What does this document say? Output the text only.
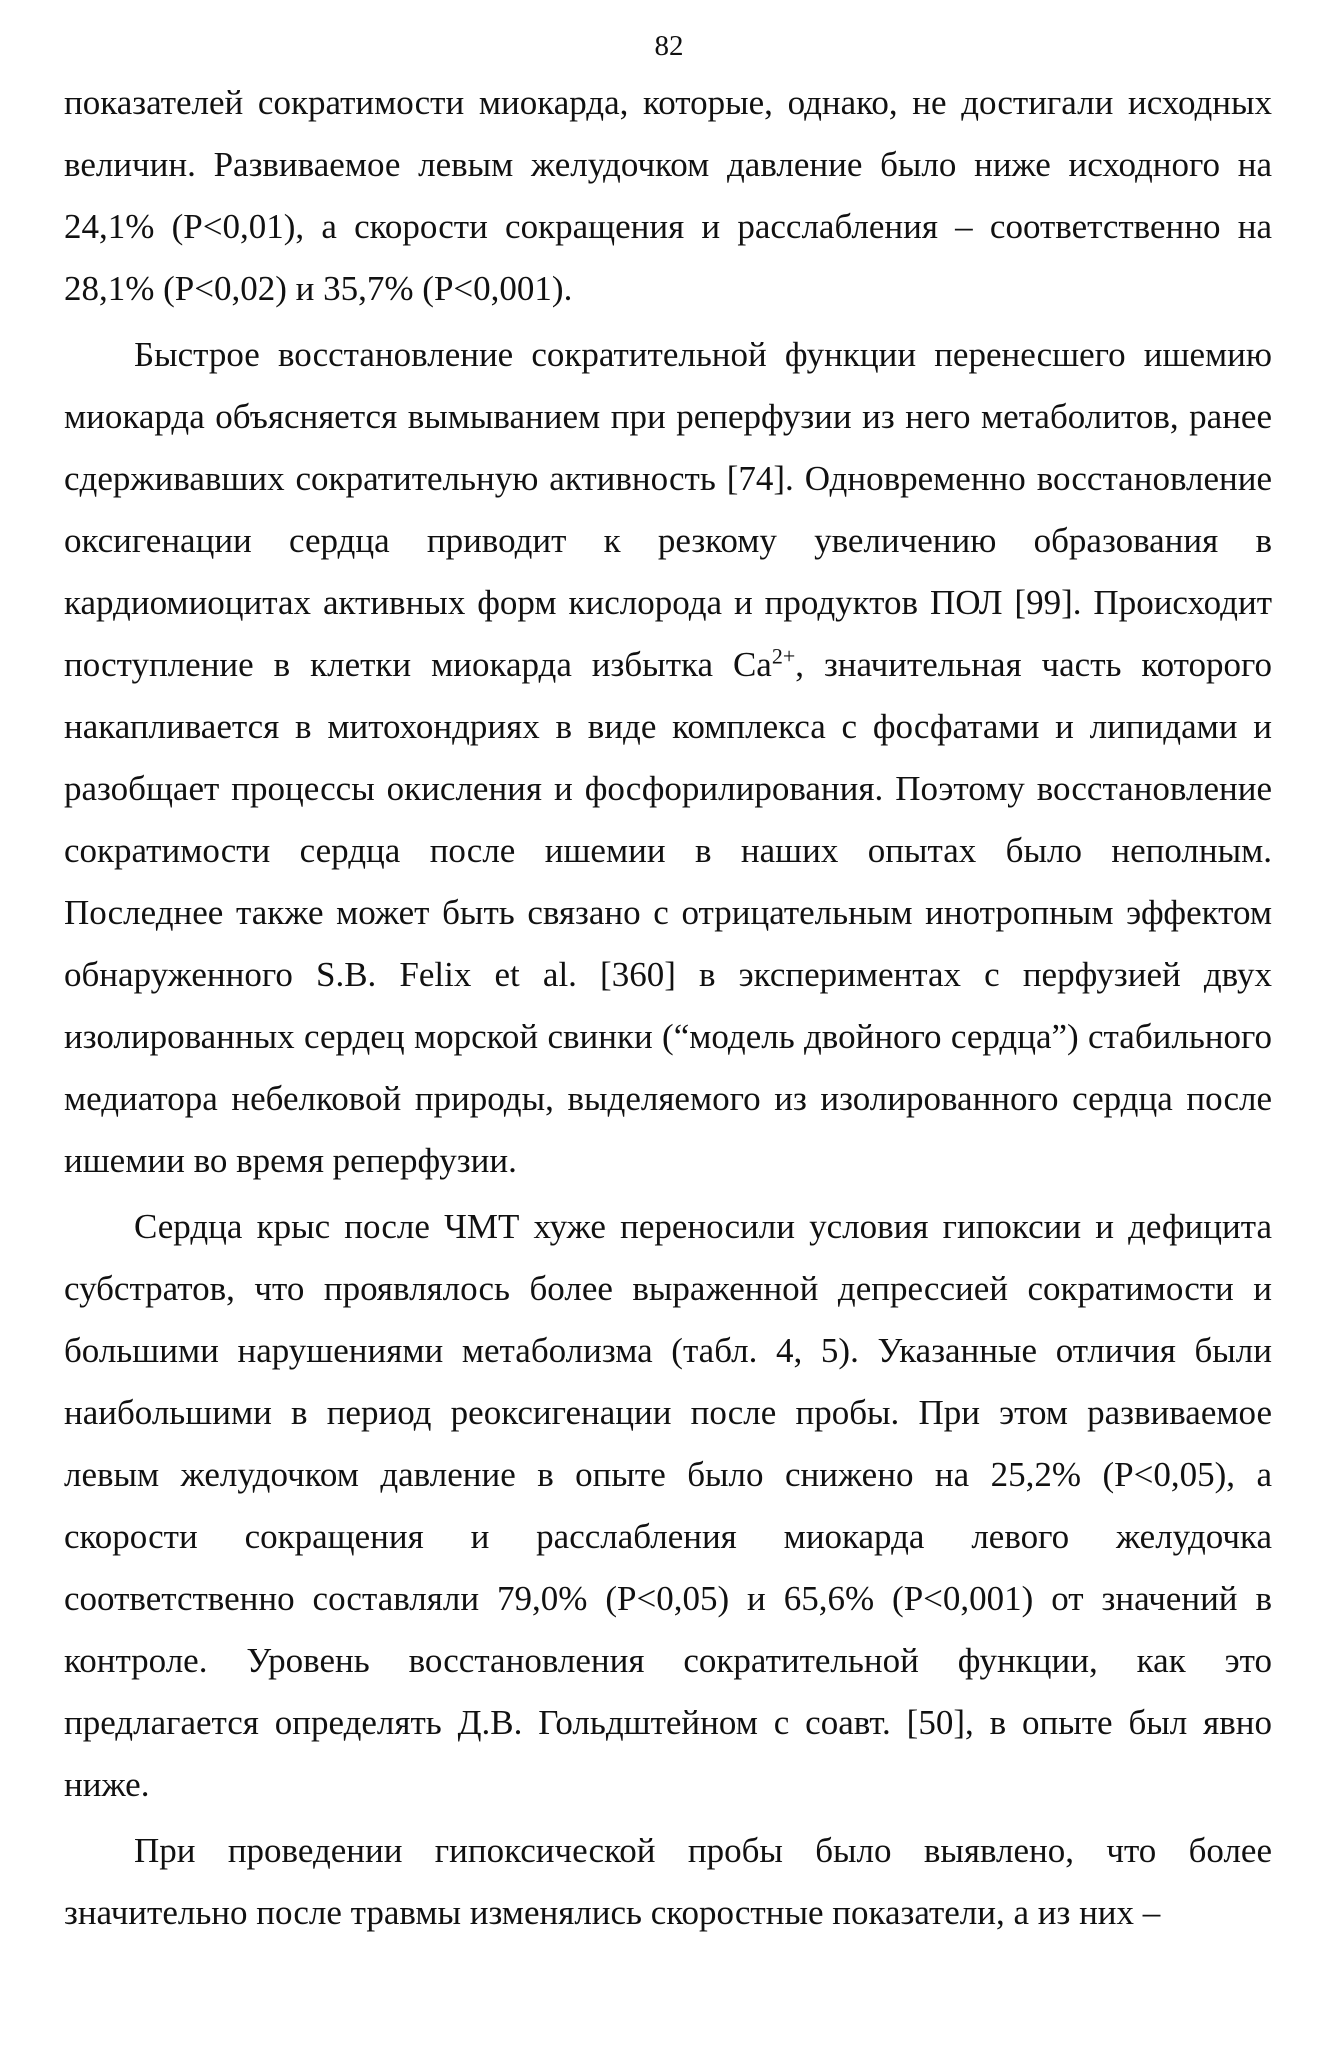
82

показателей сократимости миокарда, которые, однако, не достигали исходных величин. Развиваемое левым желудочком давление было ниже исходного на 24,1% (P<0,01), а скорости сокращения и расслабления – соответственно на 28,1% (P<0,02) и 35,7% (P<0,001).

Быстрое восстановление сократительной функции перенесшего ишемию миокарда объясняется вымыванием при реперфузии из него метаболитов, ранее сдерживавших сократительную активность [74]. Одновременно восстановление оксигенации сердца приводит к резкому увеличению образования в кардиомиоцитах активных форм кислорода и продуктов ПОЛ [99]. Происходит поступление в клетки миокарда избытка $Ca^{2+}$, значительная часть которого накапливается в митохондриях в виде комплекса с фосфатами и липидами и разобщает процессы окисления и фосфорилирования. Поэтому восстановление сократимости сердца после ишемии в наших опытах было неполным. Последнее также может быть связано с отрицательным инотропным эффектом обнаруженного S.B. Felix et al. [360] в экспериментах с перфузией двух изолированных сердец морской свинки (“модель двойного сердца”) стабильного медиатора небелковой природы, выделяемого из изолированного сердца после ишемии во время реперфузии.

Сердца крыс после ЧМТ хуже переносили условия гипоксии и дефицита субстратов, что проявлялось более выраженной депрессией сократимости и большими нарушениями метаболизма (табл. 4, 5). Указанные отличия были наибольшими в период реоксигенации после пробы. При этом развиваемое левым желудочком давление в опыте было снижено на 25,2% (P<0,05), а скорости сокращения и расслабления миокарда левого желудочка соответственно составляли 79,0% (P<0,05) и 65,6% (P<0,001) от значений в контроле. Уровень восстановления сократительной функции, как это предлагается определять Д.В. Гольдштейном с соавт. [50], в опыте был явно ниже.

При проведении гипоксической пробы было выявлено, что более значительно после травмы изменялись скоростные показатели, а из них –
